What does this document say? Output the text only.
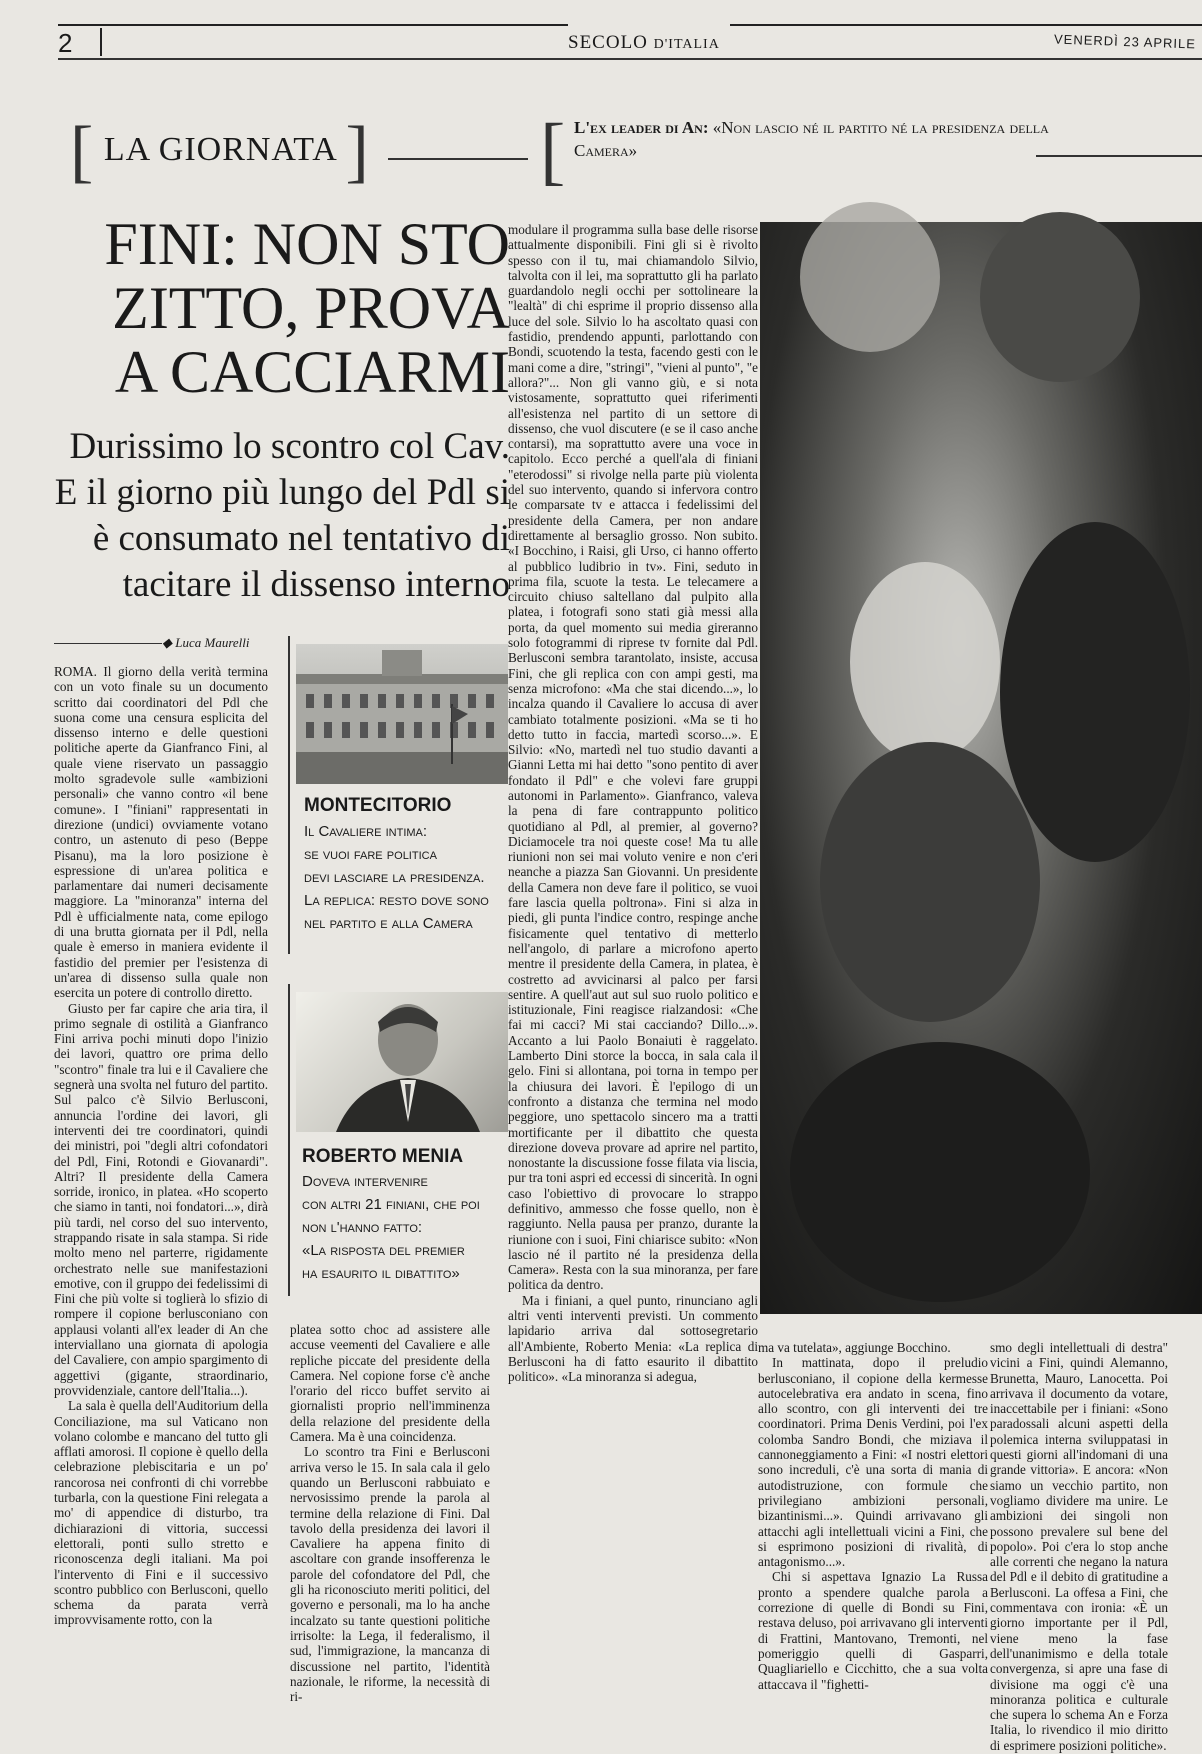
2	SECOLO D'ITALIA	VENERDÌ 23 APRILE
[ LA GIORNATA ] [ L'ex leader di An: «Non lascio né il partito né la presidenza della Camera»
FINI: NON STO ZITTO, PROVA A CACCIARMI
Durissimo lo scontro col Cav. E il giorno più lungo del Pdl si è consumato nel tentativo di tacitare il dissenso interno
◆ Luca Maurelli

ROMA. Il giorno della verità termina con un voto finale su un documento scritto dai coordinatori del Pdl che suona come una censura esplicita del dissenso interno e delle questioni politiche aperte da Gianfranco Fini, al quale viene riservato un passaggio molto sgradevole sulle «ambizioni personali» che vanno contro «il bene comune». I "finiani" rappresentati in direzione (undici) ovviamente votano contro, un astenuto di peso (Beppe Pisanu), ma la loro posizione è espressione di un'area politica e parlamentare dai numeri decisamente maggiore. La "minoranza" interna del Pdl è ufficialmente nata, come epilogo di una brutta giornata per il Pdl, nella quale è emerso in maniera evidente il fastidio del premier per l'esistenza di un'area di dissenso sulla quale non esercita un potere di controllo diretto.

Giusto per far capire che aria tira, il primo segnale di ostilità a Gianfranco Fini arriva pochi minuti dopo l'inizio dei lavori, quattro ore prima dello "scontro" finale tra lui e il Cavaliere che segnerà una svolta nel futuro del partito. Sul palco c'è Silvio Berlusconi, annuncia l'ordine dei lavori, gli interventi dei tre coordinatori, quindi dei ministri, poi "degli altri cofondatori del Pdl, Fini, Rotondi e Giovanardi". Altri? Il presidente della Camera sorride, ironico, in platea. «Ho scoperto che siamo in tanti, noi fondatori...», dirà più tardi, nel corso del suo intervento, strappando risate in sala stampa. Si ride molto meno nel parterre, rigidamente orchestrato nelle sue manifestazioni emotive, con il gruppo dei fedelissimi di Fini che più volte si toglierà lo sfizio di rompere il copione berlusconiano con applausi volanti all'ex leader di An che interviallano una giornata di apologia del Cavaliere, con ampio spargimento di aggettivi (gigante, straordinario, provvidenziale, cantore dell'Italia...).

La sala è quella dell'Auditorium della Conciliazione, ma sul Vaticano non volano colombe e mancano del tutto gli afflati amorosi. Il copione è quello della celebrazione plebiscitaria e un po' rancorosa nei confronti di chi vorrebbe turbarla, con la questione Fini relegata a mo' di appendice di disturbo, tra dichiarazioni di vittoria, successi elettorali, ponti sullo stretto e riconoscenza degli italiani. Ma poi l'intervento di Fini e il successivo scontro pubblico con Berlusconi, quello schema da parata verrà improvvisamente rotto, con la

MONTECITORIO
Il Cavaliere intima:
se vuoi fare politica
devi lasciare la presidenza.
La replica: resto dove sono
nel partito e alla Camera
ROBERTO MENIA
Doveva intervenire
con altri 21 finiani, che poi
non l'hanno fatto:
«La risposta del premier
ha esaurito il dibattito»

platea sotto choc ad assistere alle accuse veementi del Cavaliere e alle repliche piccate del presidente della Camera. Nel copione forse c'è anche l'orario del ricco buffet servito ai giornalisti proprio nell'imminenza della relazione del presidente della Camera. Ma è una coincidenza.

Lo scontro tra Fini e Berlusconi arriva verso le 15. In sala cala il gelo quando un Berlusconi rabbuiato e nervosissimo prende la parola al termine della relazione di Fini. Dal tavolo della presidenza dei lavori il Cavaliere ha appena finito di ascoltare con grande insofferenza le parole del cofondatore del Pdl, che gli ha riconosciuto meriti politici, del governo e personali, ma lo ha anche incalzato su tante questioni politiche irrisolte: la Lega, il federalismo, il sud, l'immigrazione, la mancanza di discussione nel partito, l'identità nazionale, le riforme, la necessità di ri-

modulare il programma sulla base delle risorse attualmente disponibili. Fini gli si è rivolto spesso con il tu, mai chiamandolo Silvio, talvolta con il lei, ma soprattutto gli ha parlato guardandolo negli occhi per sottolineare la "lealtà" di chi esprime il proprio dissenso alla luce del sole. Silvio lo ha ascoltato quasi con fastidio, prendendo appunti, parlottando con Bondi, scuotendo la testa, facendo gesti con le mani come a dire, "stringi", "vieni al punto", "e allora?"... Non gli vanno giù, e si nota vistosamente, soprattutto quei riferimenti all'esistenza nel partito di un settore di dissenso, che vuol discutere (e se il caso anche contarsi), ma soprattutto avere una voce in capitolo. Ecco perché a quell'ala di finiani "eterodossi" si rivolge nella parte più violenta del suo intervento, quando si infervora contro le comparsate tv e attacca i fedelissimi del presidente della Camera, per non andare direttamente al bersaglio grosso. Non subito. «I Bocchino, i Raisi, gli Urso, ci hanno offerto al pubblico ludibrio in tv». Fini, seduto in prima fila, scuote la testa. Le telecamere a circuito chiuso saltellano dal pulpito alla platea, i fotografi sono stati già messi alla porta, da quel momento sui media gireranno solo fotogrammi di riprese tv fornite dal Pdl. Berlusconi sembra tarantolato, insiste, accusa Fini, che gli replica con con ampi gesti, ma senza microfono: «Ma che stai dicendo...», lo incalza quando il Cavaliere lo accusa di aver cambiato totalmente posizioni. «Ma se ti ho detto tutto in faccia, martedì scorso...». E Silvio: «No, martedì nel tuo studio davanti a Gianni Letta mi hai detto "sono pentito di aver fondato il Pdl" e che volevi fare gruppi autonomi in Parlamento». Gianfranco, valeva la pena di fare contrappunto politico quotidiano al Pdl, al premier, al governo? Diciamocele tra noi queste cose! Ma tu alle riunioni non sei mai voluto venire e non c'eri neanche a piazza San Giovanni. Un presidente della Camera non deve fare il politico, se vuoi fare lascia quella poltrona». Fini si alza in piedi, gli punta l'indice contro, respinge anche fisicamente quel tentativo di metterlo nell'angolo, di parlare a microfono aperto mentre il presidente della Camera, in platea, è costretto ad avvicinarsi al palco per farsi sentire. A quell'aut aut sul suo ruolo politico e istituzionale, Fini reagisce rialzandosi: «Che fai mi cacci? Mi stai cacciando? Dillo...». Accanto a lui Paolo Bonaiuti è raggelato. Lamberto Dini storce la bocca, in sala cala il gelo. Fini si allontana, poi torna in tempo per la chiusura dei lavori. È l'epilogo di un confronto a distanza che termina nel modo peggiore, uno spettacolo sincero ma a tratti mortificante per il dibattito che questa direzione doveva provare ad aprire nel partito, nonostante la discussione fosse filata via liscia, pur tra toni aspri ed eccessi di sincerità. In ogni caso l'obiettivo di provocare lo strappo definitivo, ammesso che fosse quello, non è raggiunto. Nella pausa per pranzo, durante la riunione con i suoi, Fini chiarisce subito: «Non lascio né il partito né la presidenza della Camera». Resta con la sua minoranza, per fare politica da dentro.

Ma i finiani, a quel punto, rinunciano agli altri venti interventi previsti. Un commento lapidario arriva dal sottosegretario all'Ambiente, Roberto Menia: «La replica di Berlusconi ha di fatto esaurito il dibattito politico». «La minoranza si adegua,

ma va tutelata», aggiunge Bocchino.

In mattinata, dopo il preludio berlusconiano, il copione della kermesse autocelebrativa era andato in scena, fino allo scontro, con gli interventi dei tre coordinatori. Prima Denis Verdini, poi l'ex colomba Sandro Bondi, che miziava il cannoneggiamento a Fini: «I nostri elettori sono increduli, c'è una sorta di mania di autodistruzione, con formule che privilegiano ambizioni personali, bizantinismi...». Quindi arrivavano gli attacchi agli intellettuali vicini a Fini, che si esprimono posizioni di rivalità, di antagonismo...».

Chi si aspettava Ignazio La Russa pronto a spendere qualche parola a correzione di quelle di Bondi su Fini, restava deluso, poi arrivavano gli interventi di Frattini, Mantovano, Tremonti, nel pomeriggio quelli di Gasparri, Quagliariello e Cicchitto, che a sua volta attaccava il "fighetti-

smo degli intellettuali di destra" vicini a Fini, quindi Alemanno, Brunetta, Mauro, Lanocetta. Poi arrivava il documento da votare, inaccettabile per i finiani: «Sono paradossali alcuni aspetti della polemica interna sviluppatasi in questi giorni all'indomani di una grande vittoria». E ancora: «Non siamo un vecchio partito, non vogliamo dividere ma unire. Le ambizioni dei singoli non possono prevalere sul bene del popolo». Poi c'era lo stop anche alle correnti che negano la natura del Pdl e il debito di gratitudine a Berlusconi. La offesa a Fini, che commentava con ironia: «È un giorno importante per il Pdl, viene meno la fase dell'unanimismo e della totale convergenza, si apre una fase di divisione ma oggi c'è una minoranza politica e culturale che supera lo schema An e Forza Italia, lo rivendico il mio diritto di esprimere posizioni politiche».
